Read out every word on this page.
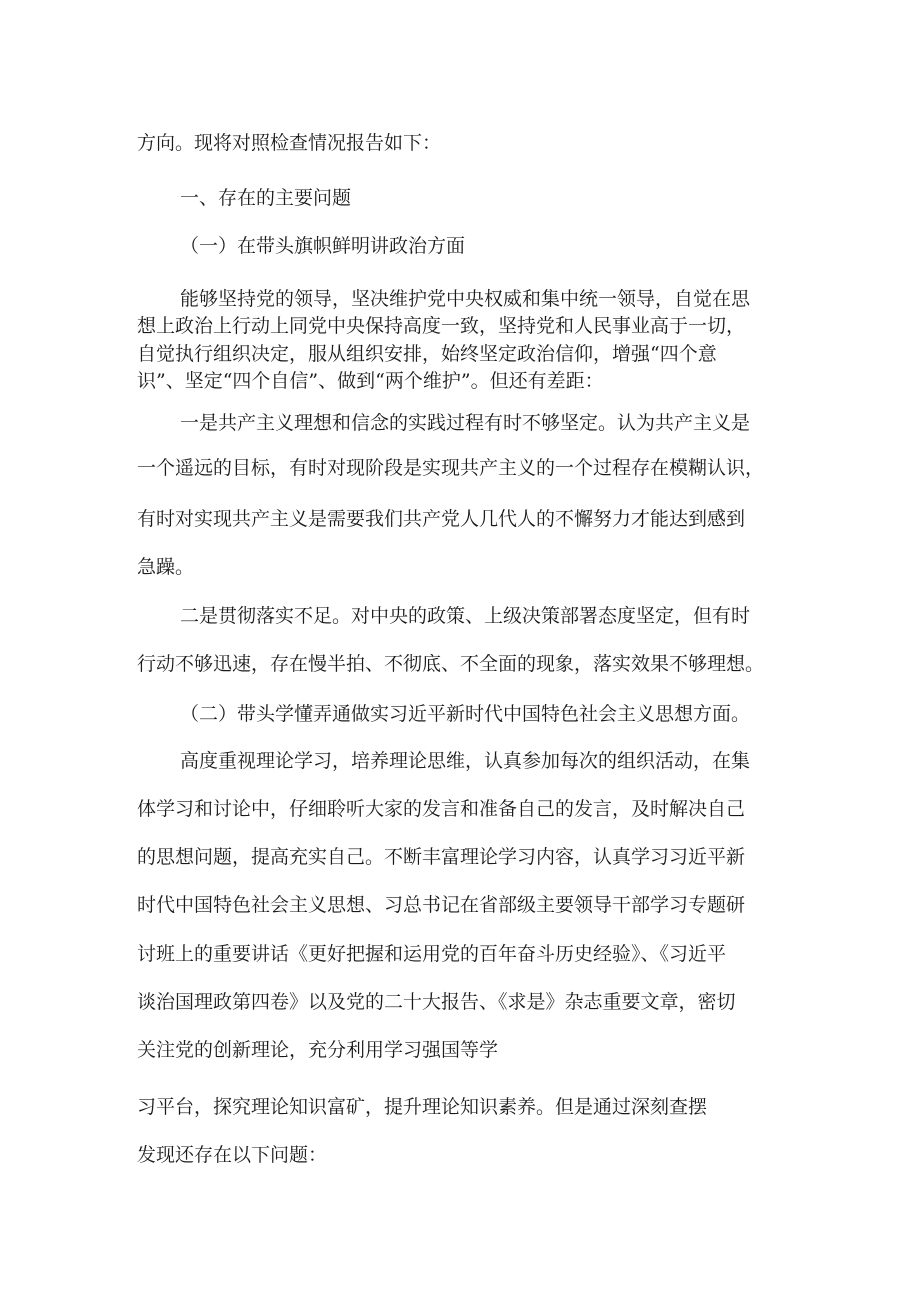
方向。现将对照检查情况报告如下：
一、存在的主要问题
（一）在带头旗帜鲜明讲政治方面
能够坚持党的领导，坚决维护党中央权威和集中统一领导，自觉在思
想上政治上行动上同党中央保持高度一致，坚持党和人民事业高于一切，
自觉执行组织决定，服从组织安排，始终坚定政治信仰，增强“四个意
识”、坚定“四个自信”、做到“两个维护”。但还有差距：
一是共产主义理想和信念的实践过程有时不够坚定。认为共产主义是
一个遥远的目标，有时对现阶段是实现共产主义的一个过程存在模糊认识，
有时对实现共产主义是需要我们共产党人几代人的不懈努力才能达到感到
急躁。
二是贯彻落实不足。对中央的政策、上级决策部署态度坚定，但有时
行动不够迅速，存在慢半拍、不彻底、不全面的现象，落实效果不够理想。
（二）带头学懂弄通做实习近平新时代中国特色社会主义思想方面。
高度重视理论学习，培养理论思维，认真参加每次的组织活动，在集
体学习和讨论中，仔细聆听大家的发言和准备自己的发言，及时解决自己
的思想问题，提高充实自己。不断丰富理论学习内容，认真学习习近平新
时代中国特色社会主义思想、习总书记在省部级主要领导干部学习专题研
讨班上的重要讲话《更好把握和运用党的百年奋斗历史经验》、《习近平
谈治国理政第四卷》以及党的二十大报告、《求是》杂志重要文章，密切
关注党的创新理论，充分利用学习强国等学
习平台，探究理论知识富矿，提升理论知识素养。但是通过深刻查摆
发现还存在以下问题：
